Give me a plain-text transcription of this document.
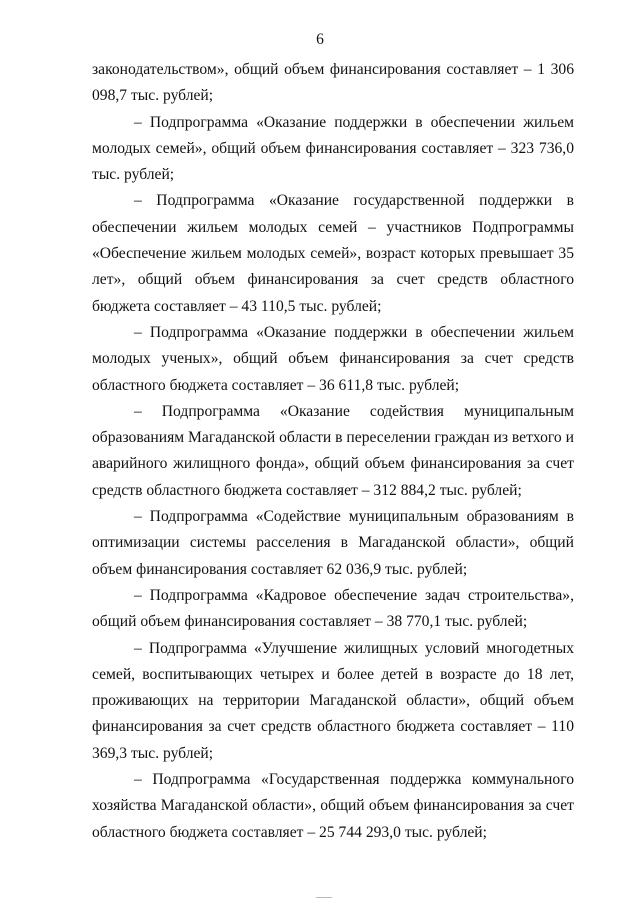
6

законодательством», общий объем финансирования составляет – 1 306 098,7 тыс. рублей;

– Подпрограмма «Оказание поддержки в обеспечении жильем молодых семей», общий объем финансирования составляет – 323 736,0 тыс. рублей;

– Подпрограмма «Оказание государственной поддержки в обеспечении жильем молодых семей – участников Подпрограммы «Обеспечение жильем молодых семей», возраст которых превышает 35 лет», общий объем финансирования за счет средств областного бюджета составляет – 43 110,5 тыс. рублей;

– Подпрограмма «Оказание поддержки в обеспечении жильем молодых ученых», общий объем финансирования за счет средств областного бюджета составляет – 36 611,8 тыс. рублей;

– Подпрограмма «Оказание содействия муниципальным образованиям Магаданской области в переселении граждан из ветхого и аварийного жилищного фонда», общий объем финансирования за счет средств областного бюджета составляет – 312 884,2 тыс. рублей;

– Подпрограмма «Содействие муниципальным образованиям в оптимизации системы расселения в Магаданской области», общий объем финансирования составляет 62 036,9 тыс. рублей;

– Подпрограмма «Кадровое обеспечение задач строительства», общий объем финансирования составляет – 38 770,1 тыс. рублей;

– Подпрограмма «Улучшение жилищных условий многодетных семей, воспитывающих четырех и более детей в возрасте до 18 лет, проживающих на территории Магаданской области», общий объем финансирования за счет средств областного бюджета составляет – 110 369,3 тыс. рублей;

– Подпрограмма «Государственная поддержка коммунального хозяйства Магаданской области», общий объем финансирования за счет областного бюджета составляет – 25 744 293,0 тыс. рублей;
